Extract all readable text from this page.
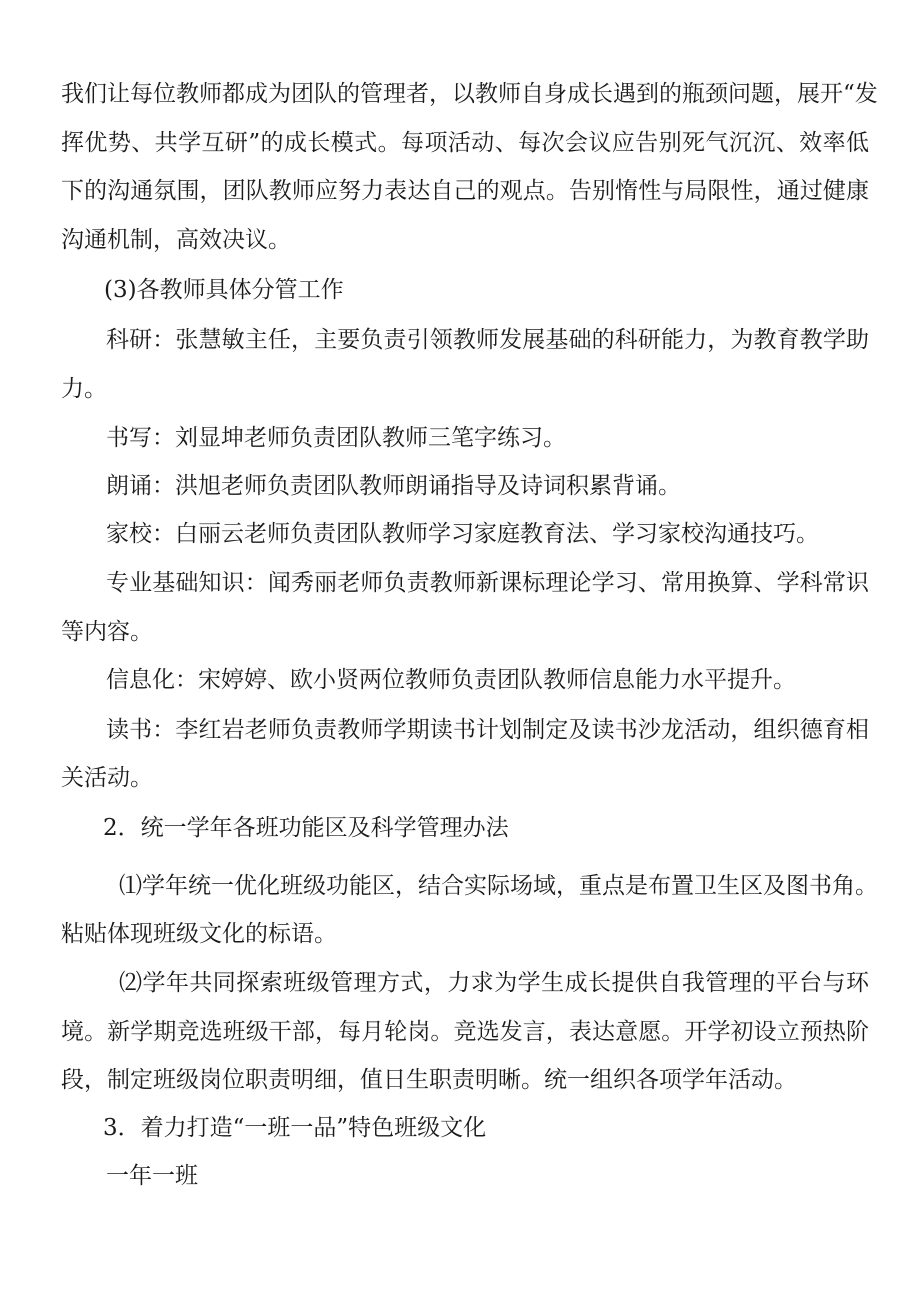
我们让每位教师都成为团队的管理者，以教师自身成长遇到的瓶颈问题，展开“发
挥优势、共学互研”的成长模式。每项活动、每次会议应告别死气沉沉、效率低
下的沟通氛围，团队教师应努力表达自己的观点。告别惰性与局限性，通过健康
沟通机制，高效决议。
(3)各教师具体分管工作
科研：张慧敏主任，主要负责引领教师发展基础的科研能力，为教育教学助
力。
书写：刘显坤老师负责团队教师三笔字练习。
朗诵：洪旭老师负责团队教师朗诵指导及诗词积累背诵。
家校：白丽云老师负责团队教师学习家庭教育法、学习家校沟通技巧。
专业基础知识：闻秀丽老师负责教师新课标理论学习、常用换算、学科常识
等内容。
信息化：宋婷婷、欧小贤两位教师负责团队教师信息能力水平提升。
读书：李红岩老师负责教师学期读书计划制定及读书沙龙活动，组织德育相
关活动。
2．统一学年各班功能区及科学管理办法
⑴学年统一优化班级功能区，结合实际场域，重点是布置卫生区及图书角。
粘贴体现班级文化的标语。
⑵学年共同探索班级管理方式，力求为学生成长提供自我管理的平台与环
境。新学期竞选班级干部，每月轮岗。竞选发言，表达意愿。开学初设立预热阶
段，制定班级岗位职责明细，值日生职责明晰。统一组织各项学年活动。
3．着力打造“一班一品”特色班级文化
一年一班
